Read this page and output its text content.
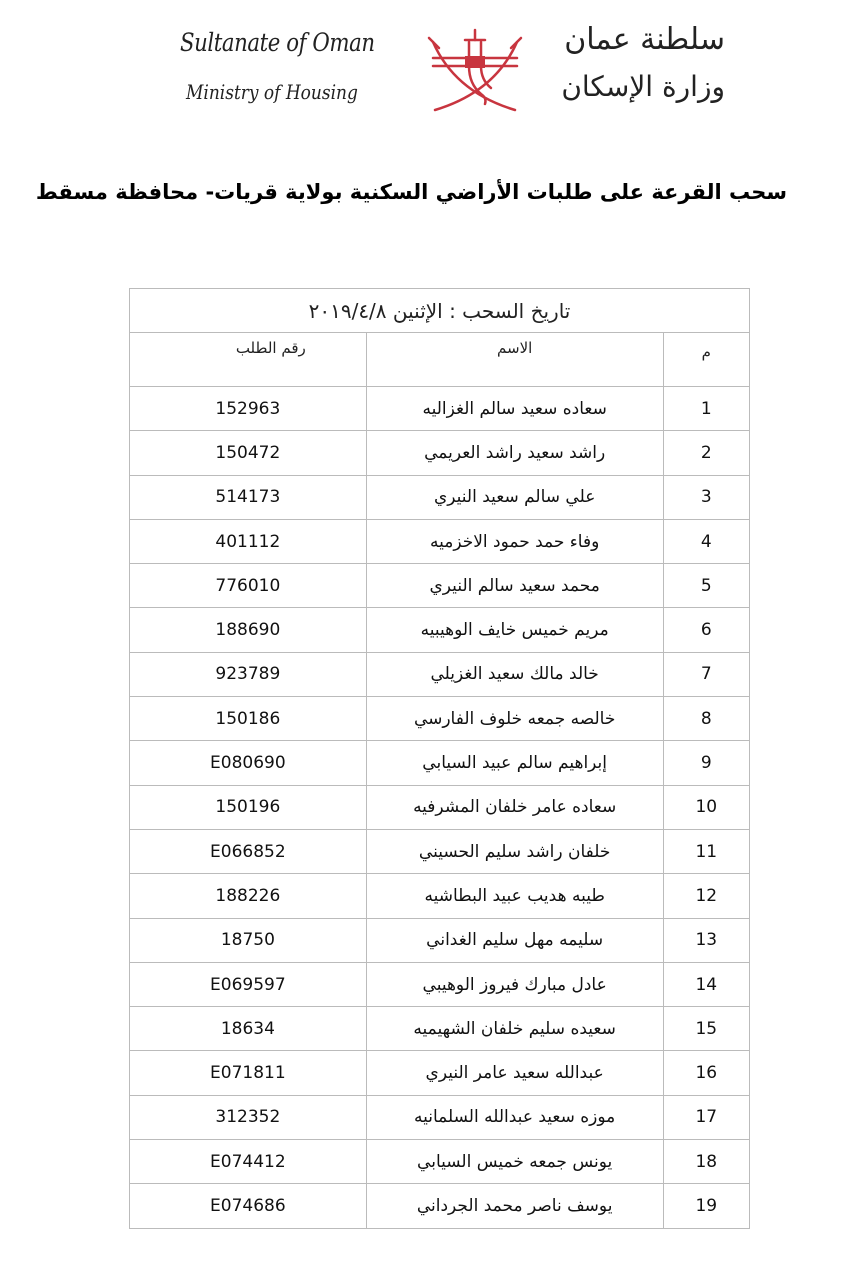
Sultanate of Oman
Ministry of Housing
سلطنة عمان
وزارة الإسكان
سحب القرعة على طلبات الأراضي السكنية بولاية قريات- محافظة مسقط
تاريخ السحب : الإثنين ٢٠١٩/٤/٨		
رقم الطلب	الاسم	م
152963	سعاده سعيد سالم الغزاليه	1
150472	راشد سعيد راشد العريمي	2
514173	علي سالم سعيد النيري	3
401112	وفاء حمد حمود الاخزميه	4
776010	محمد سعيد سالم النيري	5
188690	مريم خميس خايف الوهيبيه	6
923789	خالد مالك سعيد الغزيلي	7
150186	خالصه جمعه خلوف الفارسي	8
E080690	إبراهيم سالم عبيد السيابي	9
150196	سعاده عامر خلفان المشرفيه	10
E066852	خلفان راشد سليم الحسيني	11
188226	طيبه هديب عبيد البطاشيه	12
18750	سليمه مهل سليم الغداني	13
E069597	عادل مبارك فيروز الوهيبي	14
18634	سعيده سليم خلفان الشهيميه	15
E071811	عبدالله سعيد عامر النيري	16
312352	موزه سعيد عبدالله السلمانيه	17
E074412	يونس جمعه خميس السيابي	18
E074686	يوسف ناصر محمد الجرداني	19
